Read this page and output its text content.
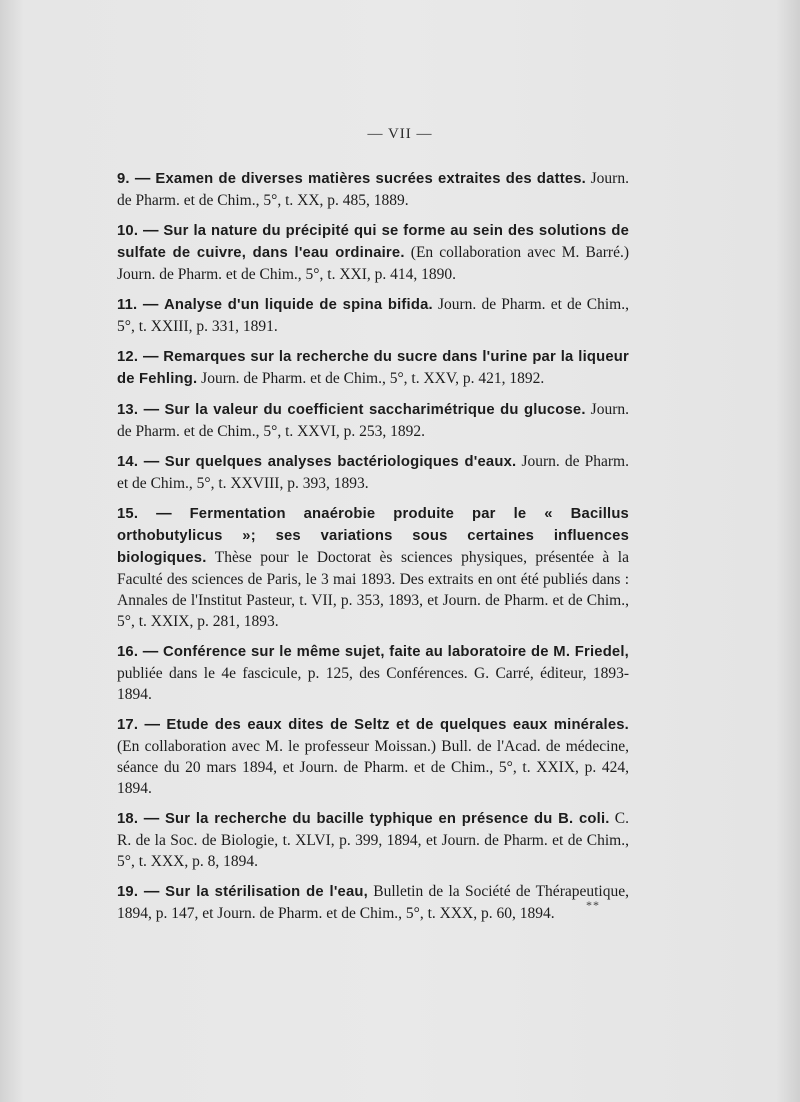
— VII —

9. — Examen de diverses matières sucrées extraites des dattes. Journ. de Pharm. et de Chim., 5°, t. XX, p. 485, 1889.

10. — Sur la nature du précipité qui se forme au sein des solutions de sulfate de cuivre, dans l'eau ordinaire. (En collaboration avec M. Barré.) Journ. de Pharm. et de Chim., 5°, t. XXI, p. 414, 1890.

11. — Analyse d'un liquide de spina bifida. Journ. de Pharm. et de Chim., 5°, t. XXIII, p. 331, 1891.

12. — Remarques sur la recherche du sucre dans l'urine par la liqueur de Fehling. Journ. de Pharm. et de Chim., 5°, t. XXV, p. 421, 1892.

13. — Sur la valeur du coefficient saccharimétrique du glucose. Journ. de Pharm. et de Chim., 5°, t. XXVI, p. 253, 1892.

14. — Sur quelques analyses bactériologiques d'eaux. Journ. de Pharm. et de Chim., 5°, t. XXVIII, p. 393, 1893.

15. — Fermentation anaérobie produite par le « Bacillus orthobutylicus »; ses variations sous certaines influences biologiques. Thèse pour le Doctorat ès sciences physiques, présentée à la Faculté des sciences de Paris, le 3 mai 1893. Des extraits en ont été publiés dans : Annales de l'Institut Pasteur, t. VII, p. 353, 1893, et Journ. de Pharm. et de Chim., 5°, t. XXIX, p. 281, 1893.

16. — Conférence sur le même sujet, faite au laboratoire de M. Friedel, publiée dans le 4e fascicule, p. 125, des Conférences. G. Carré, éditeur, 1893-1894.

17. — Etude des eaux dites de Seltz et de quelques eaux minérales. (En collaboration avec M. le professeur Moissan.) Bull. de l'Acad. de médecine, séance du 20 mars 1894, et Journ. de Pharm. et de Chim., 5°, t. XXIX, p. 424, 1894.

18. — Sur la recherche du bacille typhique en présence du B. coli. C. R. de la Soc. de Biologie, t. XLVI, p. 399, 1894, et Journ. de Pharm. et de Chim., 5°, t. XXX, p. 8, 1894.

19. — Sur la stérilisation de l'eau, Bulletin de la Société de Thérapeutique, 1894, p. 147, et Journ. de Pharm. et de Chim., 5°, t. XXX, p. 60, 1894.	**
